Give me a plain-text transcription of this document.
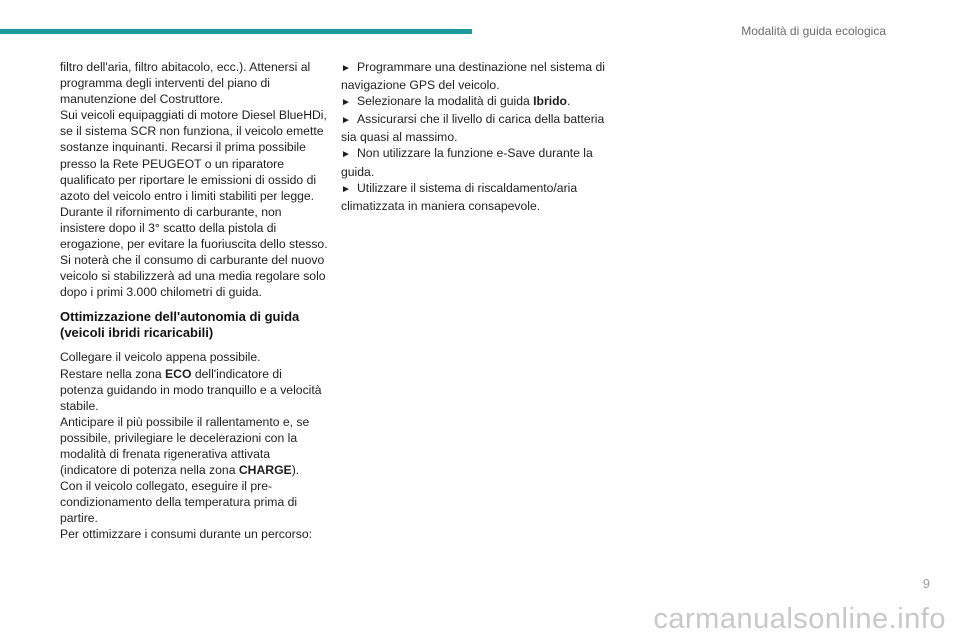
Modalità di guida ecologica

filtro dell'aria, filtro abitacolo, ecc.). Attenersi al programma degli interventi del piano di manutenzione del Costruttore.

Sui veicoli equipaggiati di motore Diesel BlueHDi, se il sistema SCR non funziona, il veicolo emette sostanze inquinanti. Recarsi il prima possibile presso la Rete PEUGEOT o un riparatore qualificato per riportare le emissioni di ossido di azoto del veicolo entro i limiti stabiliti per legge.

Durante il rifornimento di carburante, non insistere dopo il 3° scatto della pistola di erogazione, per evitare la fuoriuscita dello stesso.

Si noterà che il consumo di carburante del nuovo veicolo si stabilizzerà ad una media regolare solo dopo i primi 3.000 chilometri di guida.

Ottimizzazione dell'autonomia di guida (veicoli ibridi ricaricabili)

Collegare il veicolo appena possibile.

Restare nella zona ECO dell'indicatore di potenza guidando in modo tranquillo e a velocità stabile.

Anticipare il più possibile il rallentamento e, se possibile, privilegiare le decelerazioni con la modalità di frenata rigenerativa attivata (indicatore di potenza nella zona CHARGE).

Con il veicolo collegato, eseguire il pre-condizionamento della temperatura prima di partire.

Per ottimizzare i consumi durante un percorso:

► Programmare una destinazione nel sistema di navigazione GPS del veicolo.

► Selezionare la modalità di guida Ibrido.

► Assicurarsi che il livello di carica della batteria sia quasi al massimo.

► Non utilizzare la funzione e-Save durante la guida.

► Utilizzare il sistema di riscaldamento/aria climatizzata in maniera consapevole.

9
carmanualsonline.info
